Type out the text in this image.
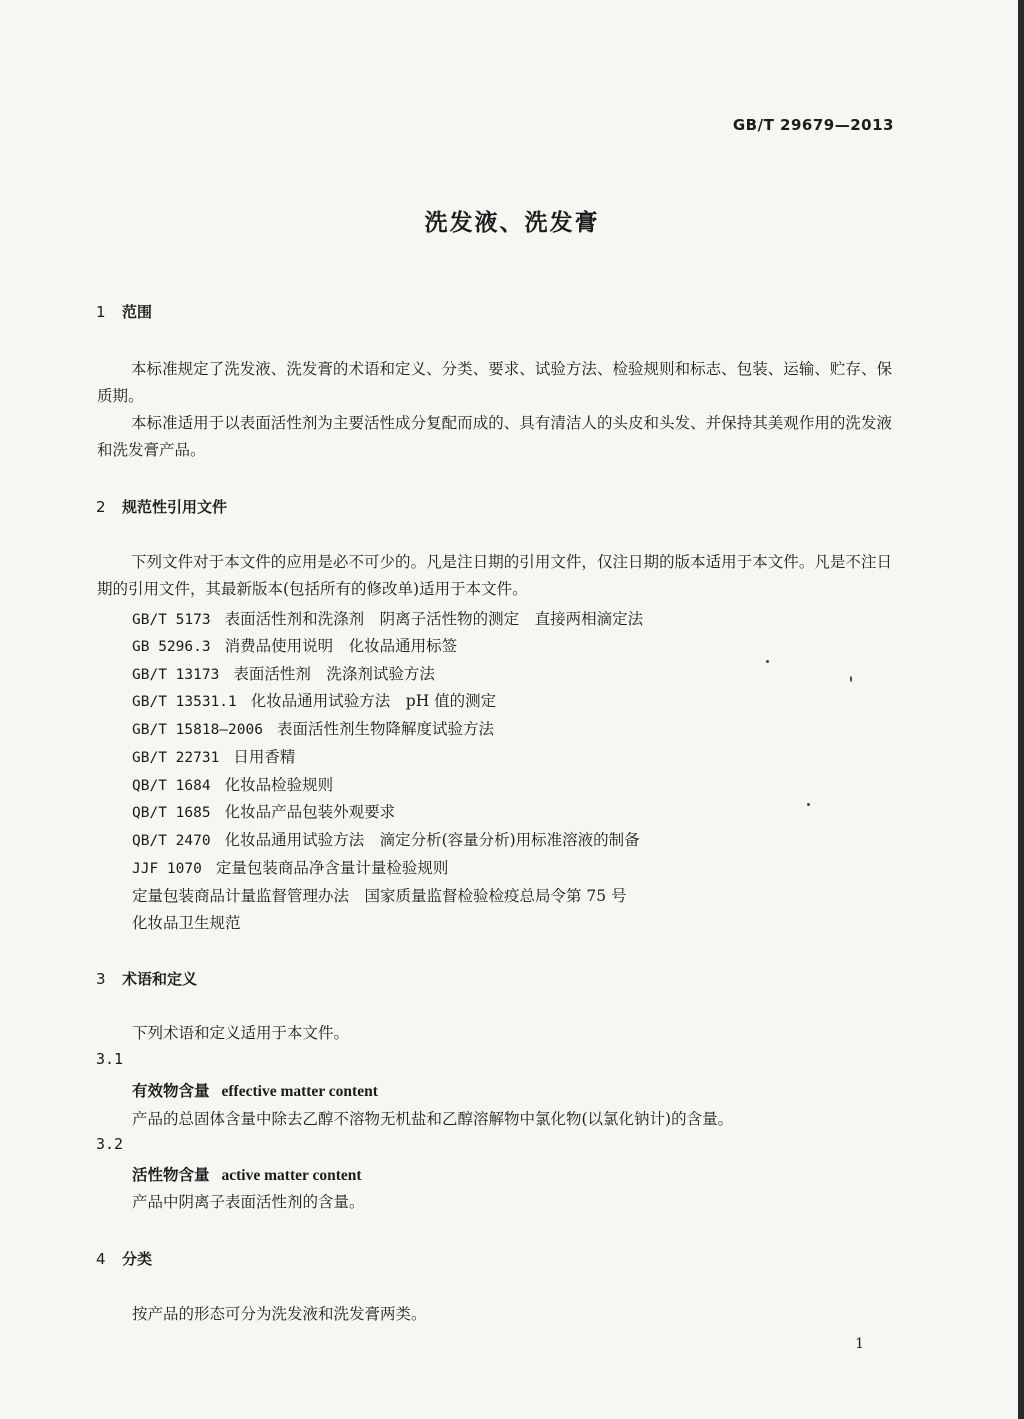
GB/T 29679—2013
洗发液、洗发膏
1 范围
本标准规定了洗发液、洗发膏的术语和定义、分类、要求、试验方法、检验规则和标志、包装、运输、贮存、保质期。
本标准适用于以表面活性剂为主要活性成分复配而成的、具有清洁人的头皮和头发、并保持其美观作用的洗发液和洗发膏产品。
2 规范性引用文件
下列文件对于本文件的应用是必不可少的。凡是注日期的引用文件，仅注日期的版本适用于本文件。凡是不注日期的引用文件，其最新版本(包括所有的修改单)适用于本文件。
GB/T 5173 表面活性剂和洗涤剂　阴离子活性物的测定　直接两相滴定法
GB 5296.3 消费品使用说明　化妆品通用标签
GB/T 13173 表面活性剂　洗涤剂试验方法
GB/T 13531.1 化妆品通用试验方法　pH 值的测定
GB/T 15818—2006 表面活性剂生物降解度试验方法
GB/T 22731 日用香精
QB/T 1684 化妆品检验规则
QB/T 1685 化妆品产品包装外观要求
QB/T 2470 化妆品通用试验方法　滴定分析(容量分析)用标准溶液的制备
JJF 1070 定量包装商品净含量计量检验规则
定量包装商品计量监督管理办法　国家质量监督检验检疫总局令第 75 号
化妆品卫生规范
3 术语和定义
下列术语和定义适用于本文件。
3.1
有效物含量 effective matter content
产品的总固体含量中除去乙醇不溶物无机盐和乙醇溶解物中氯化物(以氯化钠计)的含量。
3.2
活性物含量 active matter content
产品中阴离子表面活性剂的含量。
4 分类
按产品的形态可分为洗发液和洗发膏两类。
1
